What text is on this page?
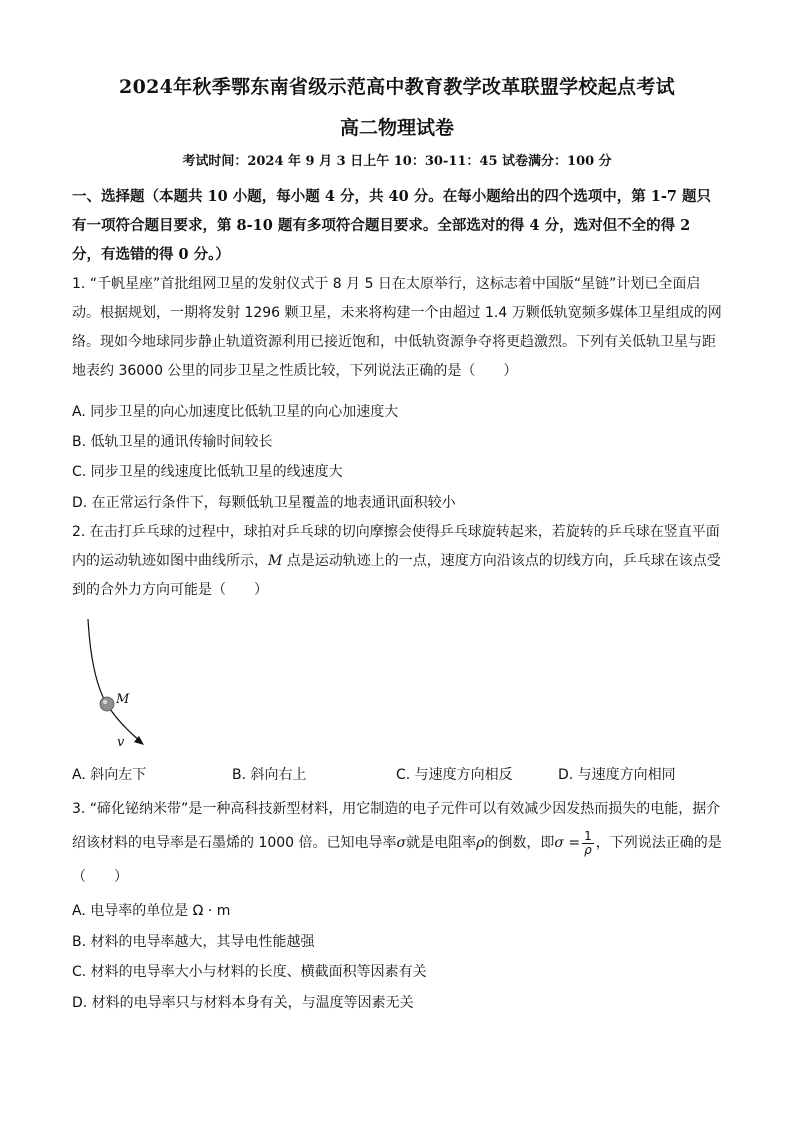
2024年秋季鄂东南省级示范高中教育教学改革联盟学校起点考试
高二物理试卷
考试时间：2024 年 9 月 3 日上午 10：30-11：45 试卷满分：100 分
一、选择题（本题共 10 小题，每小题 4 分，共 40 分。在每小题给出的四个选项中，第 1-7 题只有一项符合题目要求，第 8-10 题有多项符合题目要求。全部选对的得 4 分，选对但不全的得 2 分，有选错的得 0 分。）
1. “千帆星座”首批组网卫星的发射仪式于 8 月 5 日在太原举行，这标志着中国版“星链”计划已全面启动。根据规划，一期将发射 1296 颗卫星，未来将构建一个由超过 1.4 万颗低轨宽频多媒体卫星组成的网络。现如今地球同步静止轨道资源利用已接近饱和，中低轨资源争夺将更趋激烈。下列有关低轨卫星与距地表约 36000 公里的同步卫星之性质比较，下列说法正确的是（　　）
A. 同步卫星的向心加速度比低轨卫星的向心加速度大
B. 低轨卫星的通讯传输时间较长
C. 同步卫星的线速度比低轨卫星的线速度大
D. 在正常运行条件下，每颗低轨卫星覆盖的地表通讯面积较小
2. 在击打乒乓球的过程中，球拍对乒乓球的切向摩擦会使得乒乓球旋转起来，若旋转的乒乓球在竖直平面内的运动轨迹如图中曲线所示，M 点是运动轨迹上的一点，速度方向沿该点的切线方向，乒乓球在该点受到的合外力方向可能是（　　）
M
v
A. 斜向左下	B. 斜向右上	C. 与速度方向相反	D. 与速度方向相同
3. “碲化铋纳米带”是一种高科技新型材料，用它制造的电子元件可以有效减少因发热而损失的电能，据介绍该材料的电导率是石墨烯的 1000 倍。已知电导率σ就是电阻率ρ的倒数，即$\sigma = \frac{1}{\rho}$ ，下列说法正确的是（　　）
A. 电导率的单位是 Ω · m
B. 材料的电导率越大，其导电性能越强
C. 材料的电导率大小与材料的长度、横截面积等因素有关
D. 材料的电导率只与材料本身有关，与温度等因素无关
